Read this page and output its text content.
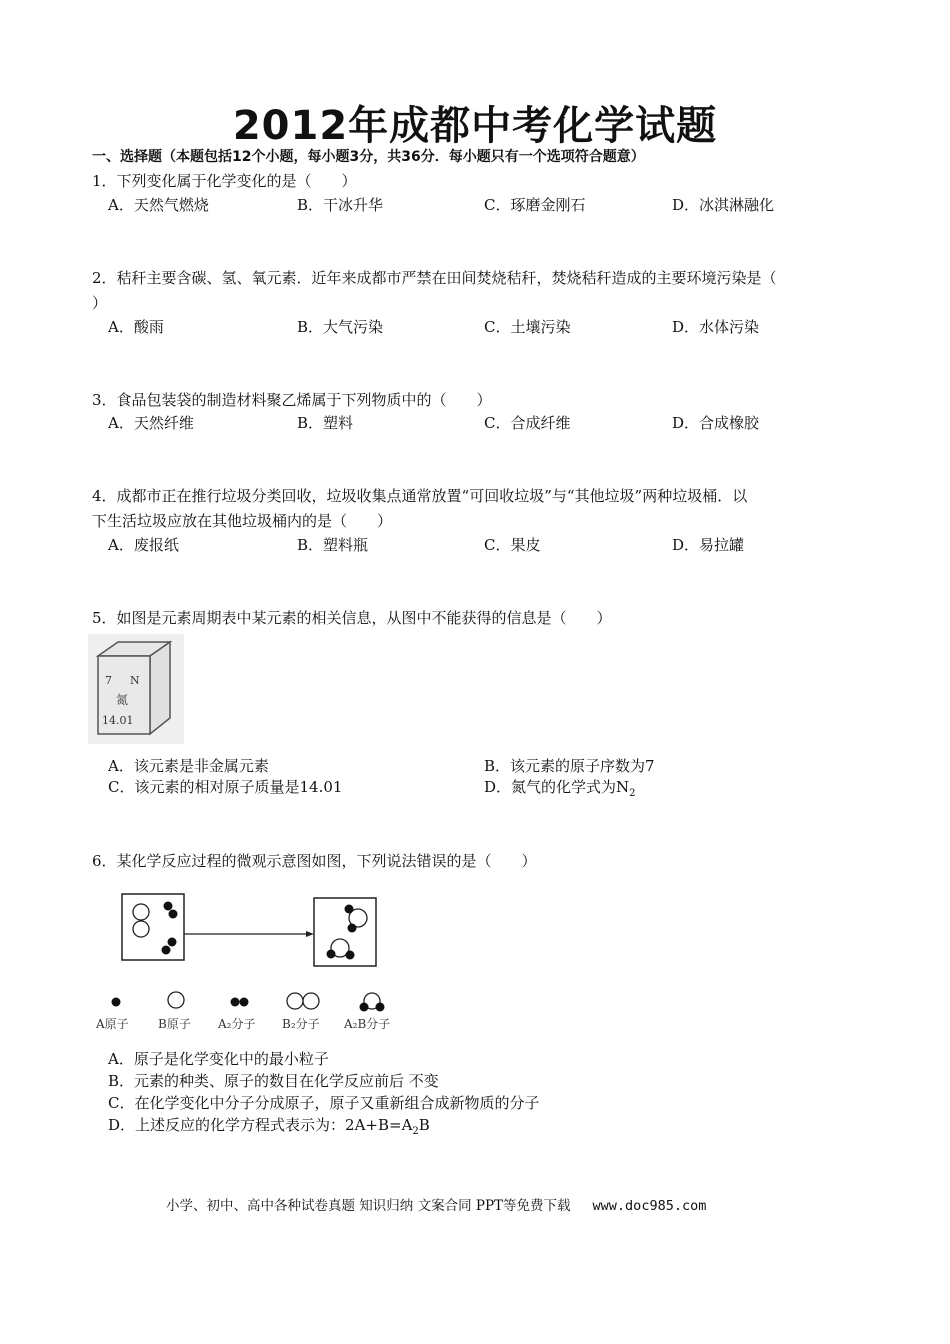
2012年成都中考化学试题
一、选择题（本题包括12个小题，每小题3分，共36分．每小题只有一个选项符合题意）
1．下列变化属于化学变化的是（　　）
A．天然气燃烧	B．干冰升华	C．琢磨金刚石	D．冰淇淋融化
2．秸秆主要含碳、氢、氧元素．近年来成都市严禁在田间焚烧秸秆，焚烧秸秆造成的主要环境污染是（
）
A．酸雨	B．大气污染	C．土壤污染	D．水体污染
3．食品包装袋的制造材料聚乙烯属于下列物质中的（　　）
A．天然纤维	B．塑料	C．合成纤维	D．合成橡胶
4．成都市正在推行垃圾分类回收，垃圾收集点通常放置“可回收垃圾”与“其他垃圾”两种垃圾桶．以
下生活垃圾应放在其他垃圾桶内的是（　　）
A．废报纸	B．塑料瓶	C．果皮	D．易拉罐
5．如图是元素周期表中某元素的相关信息，从图中不能获得的信息是（　　）
7 N
氮
14.01
A．该元素是非金属元素	B．该元素的原子序数为7
C．该元素的相对原子质量是14.01	D．氮气的化学式为$N_2$
6．某化学反应过程的微观示意图如图，下列说法错误的是（　　）
A原子 B原子 A₂分子 B₂分子 A₂B分子
A．原子是化学变化中的最小粒子
B．元素的种类、原子的数目在化学反应前后 不变
C．在化学变化中分子分成原子，原子又重新组合成新物质的分子
D．上述反应的化学方程式表示为：$2A+B=A_2B$
小学、初中、高中各种试卷真题 知识归纳 文案合同 PPT等免费下载 www.doc985.com
